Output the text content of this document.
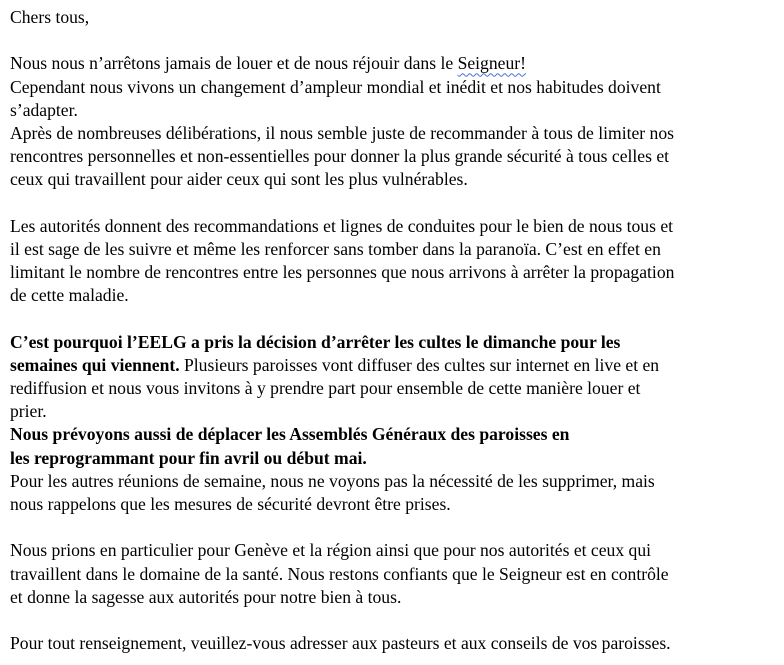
Chers tous,
Nous nous n’arrêtons jamais de louer et de nous réjouir dans le Seigneur!
Cependant nous vivons un changement d’ampleur mondial et inédit et nos habitudes doivent
s’adapter.
Après de nombreuses délibérations, il nous semble juste de recommander à tous de limiter nos
rencontres personnelles et non-essentielles pour donner la plus grande sécurité à tous celles et
ceux qui travaillent pour aider ceux qui sont les plus vulnérables.
Les autorités donnent des recommandations et lignes de conduites pour le bien de nous tous et
il est sage de les suivre et même les renforcer sans tomber dans la paranoïa. C’est en effet en
limitant le nombre de rencontres entre les personnes que nous arrivons à arrêter la propagation
de cette maladie.
C’est pourquoi l’EELG a pris la décision d’arrêter les cultes le dimanche pour les
semaines qui viennent. Plusieurs paroisses vont diffuser des cultes sur internet en live et en
rediffusion et nous vous invitons à y prendre part pour ensemble de cette manière louer et
prier.
Nous prévoyons aussi de déplacer les Assemblés Généraux des paroisses en
les reprogrammant pour fin avril ou début mai.
Pour les autres réunions de semaine, nous ne voyons pas la nécessité de les supprimer, mais
nous rappelons que les mesures de sécurité devront être prises.
Nous prions en particulier pour Genève et la région ainsi que pour nos autorités et ceux qui
travaillent dans le domaine de la santé. Nous restons confiants que le Seigneur est en contrôle
et donne la sagesse aux autorités pour notre bien à tous.
Pour tout renseignement, veuillez-vous adresser aux pasteurs et aux conseils de vos paroisses.
